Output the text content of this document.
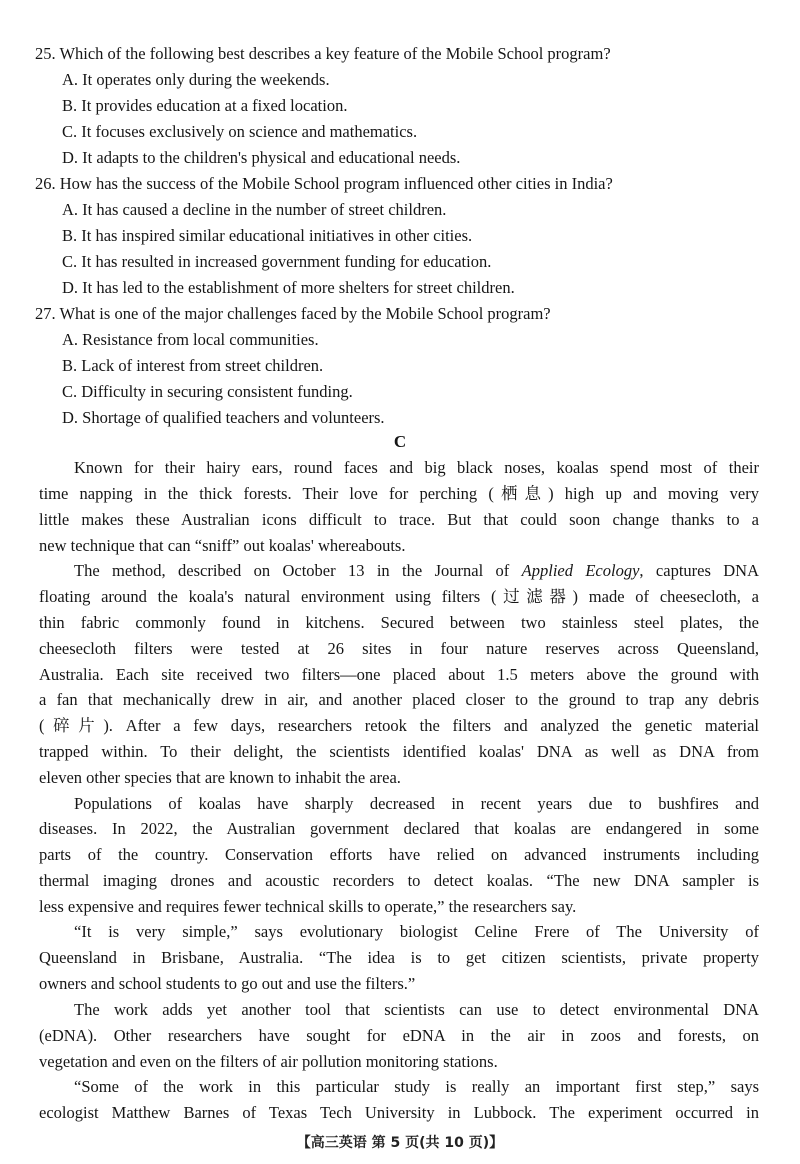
25. Which of the following best describes a key feature of the Mobile School program?
A. It operates only during the weekends.
B. It provides education at a fixed location.
C. It focuses exclusively on science and mathematics.
D. It adapts to the children's physical and educational needs.
26. How has the success of the Mobile School program influenced other cities in India?
A. It has caused a decline in the number of street children.
B. It has inspired similar educational initiatives in other cities.
C. It has resulted in increased government funding for education.
D. It has led to the establishment of more shelters for street children.
27. What is one of the major challenges faced by the Mobile School program?
A. Resistance from local communities.
B. Lack of interest from street children.
C. Difficulty in securing consistent funding.
D. Shortage of qualified teachers and volunteers.
C
Known for their hairy ears, round faces and big black noses, koalas spend most of their
time napping in the thick forests. Their love for perching (栖息) high up and moving very
little makes these Australian icons difficult to trace. But that could soon change thanks to a
new technique that can “sniff” out koalas' whereabouts.
The method, described on October 13 in the Journal of Applied Ecology, captures DNA
floating around the koala's natural environment using filters (过滤器) made of cheesecloth, a
thin fabric commonly found in kitchens. Secured between two stainless steel plates, the
cheesecloth filters were tested at 26 sites in four nature reserves across Queensland,
Australia. Each site received two filters—one placed about 1.5 meters above the ground with
a fan that mechanically drew in air, and another placed closer to the ground to trap any debris
(碎片). After a few days, researchers retook the filters and analyzed the genetic material
trapped within. To their delight, the scientists identified koalas' DNA as well as DNA from
eleven other species that are known to inhabit the area.
Populations of koalas have sharply decreased in recent years due to bushfires and
diseases. In 2022, the Australian government declared that koalas are endangered in some
parts of the country. Conservation efforts have relied on advanced instruments including
thermal imaging drones and acoustic recorders to detect koalas. “The new DNA sampler is
less expensive and requires fewer technical skills to operate,” the researchers say.
“It is very simple,” says evolutionary biologist Celine Frere of The University of
Queensland in Brisbane, Australia. “The idea is to get citizen scientists, private property
owners and school students to go out and use the filters.”
The work adds yet another tool that scientists can use to detect environmental DNA
(eDNA). Other researchers have sought for eDNA in the air in zoos and forests, on
vegetation and even on the filters of air pollution monitoring stations.
“Some of the work in this particular study is really an important first step,” says
ecologist Matthew Barnes of Texas Tech University in Lubbock. The experiment occurred in
【高三英语 第 5 页(共 10 页)】
